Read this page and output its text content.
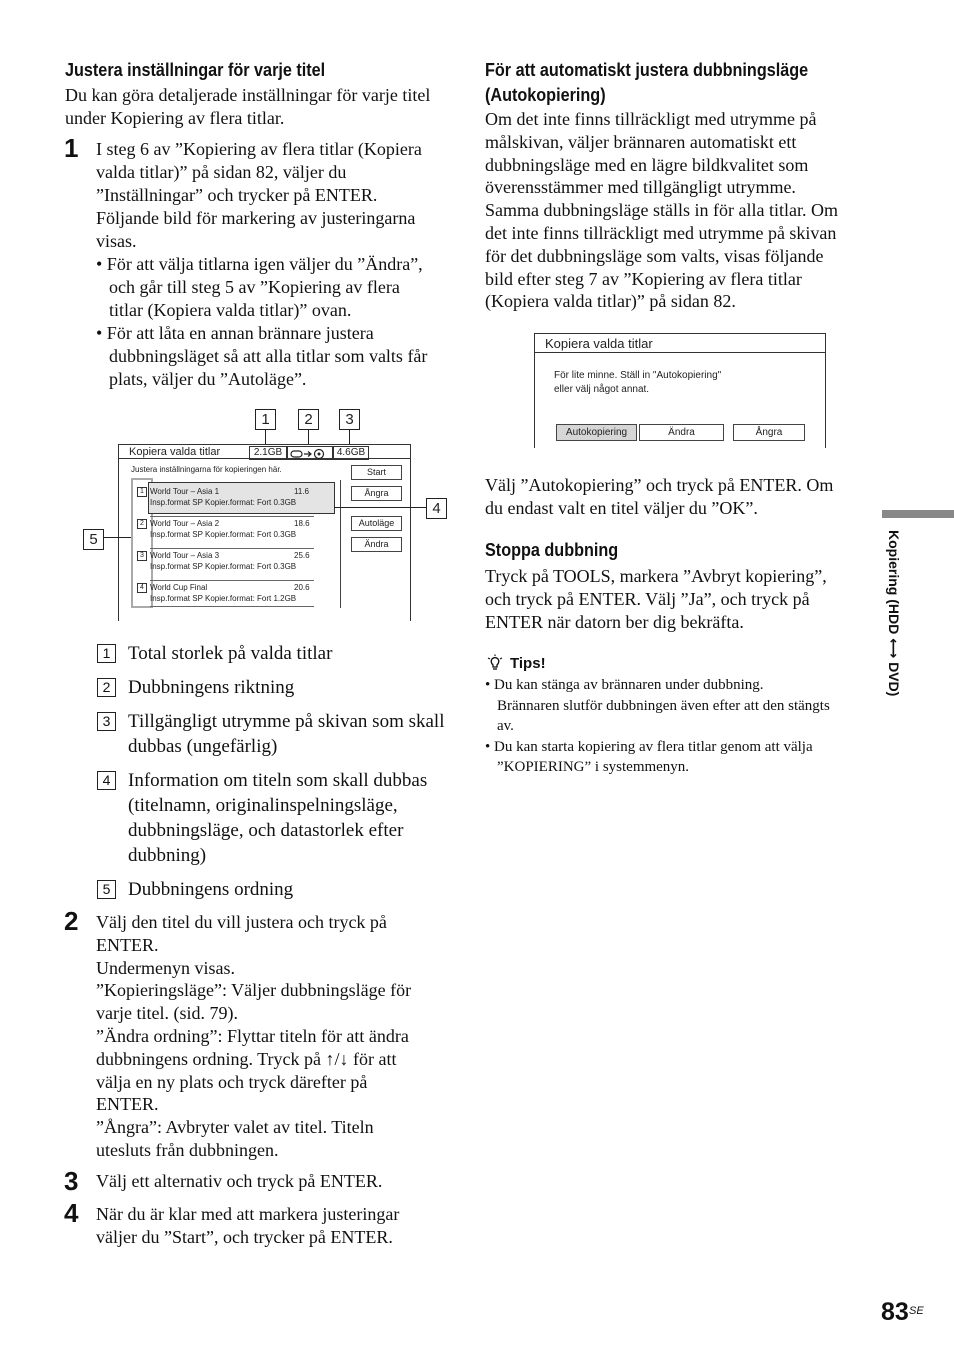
Justera inställningar för varje titel
Du kan göra detaljerade inställningar för varje titel
under Kopiering av flera titlar.
1 I steg 6 av ”Kopiering av flera titlar (Kopiera
valda titlar)” på sidan 82, väljer du
”Inställningar” och trycker på ENTER.
Följande bild för markering av justeringarna
visas.
• För att välja titlarna igen väljer du ”Ändra”,
och går till steg 5 av ”Kopiering av flera
titlar (Kopiera valda titlar)” ovan.
• För att låta en annan brännare justera
dubbningsläget så att alla titlar som valts får
plats, väljer du ”Autoläge”.
1	2	3
Kopiera valda titlar	2.1GB	4.6GB
Justera inställningarna för kopieringen här.
1 World Tour – Asia 1	11.6
Insp.format SP Kopier.format: Fort 0.3GB
2 World Tour – Asia 2	18.6
Insp.format SP Kopier.format: Fort 0.3GB
3 World Tour – Asia 3	25.6
Insp.format SP Kopier.format: Fort 0.3GB
4 World Cup Final	20.6
Insp.format SP Kopier.format: Fort 1.2GB
Start
Ångra
Autoläge
Ändra
4
5
1 Total storlek på valda titlar
2 Dubbningens riktning
3 Tillgängligt utrymme på skivan som skall dubbas (ungefärlig)
4 Information om titeln som skall dubbas (titelnamn, originalinspelningsläge, dubbningsläge, och datastorlek efter dubbning)
5 Dubbningens ordning
2 Välj den titel du vill justera och tryck på
ENTER.
Undermenyn visas.
”Kopieringsläge”: Väljer dubbningsläge för
varje titel. (sid. 79).
”Ändra ordning”: Flyttar titeln för att ändra
dubbningens ordning. Tryck på ↑/↓ för att
välja en ny plats och tryck därefter på
ENTER.
”Ångra”: Avbryter valet av titel. Titeln
utesluts från dubbningen.
3 Välj ett alternativ och tryck på ENTER.
4 När du är klar med att markera justeringar
väljer du ”Start”, och trycker på ENTER.
För att automatiskt justera dubbningsläge
(Autokopiering)
Om det inte finns tillräckligt med utrymme på
målskivan, väljer brännaren automatiskt ett
dubbningsläge med en lägre bildkvalitet som
överensstämmer med tillgängligt utrymme.
Samma dubbningsläge ställs in för alla titlar. Om
det inte finns tillräckligt med utrymme på skivan
för det dubbningsläge som valts, visas följande
bild efter steg 7 av ”Kopiering av flera titlar
(Kopiera valda titlar)” på sidan 82.
Kopiera valda titlar
För lite minne. Ställ in "Autokopiering"
eller välj något annat.
Autokopiering	Ändra	Ångra
Välj ”Autokopiering” och tryck på ENTER. Om
du endast valt en titel väljer du ”OK”.
Stoppa dubbning
Tryck på TOOLS, markera ”Avbryt kopiering”,
och tryck på ENTER. Välj ”Ja”, och tryck på
ENTER när datorn ber dig bekräfta.
Tips!
• Du kan stänga av brännaren under dubbning.
Brännaren slutför dubbningen även efter att den stängts
av.
• Du kan starta kopiering av flera titlar genom att välja
”KOPIERING” i systemmenyn.
Kopiering (HDD ⟷ DVD)
83 SE
